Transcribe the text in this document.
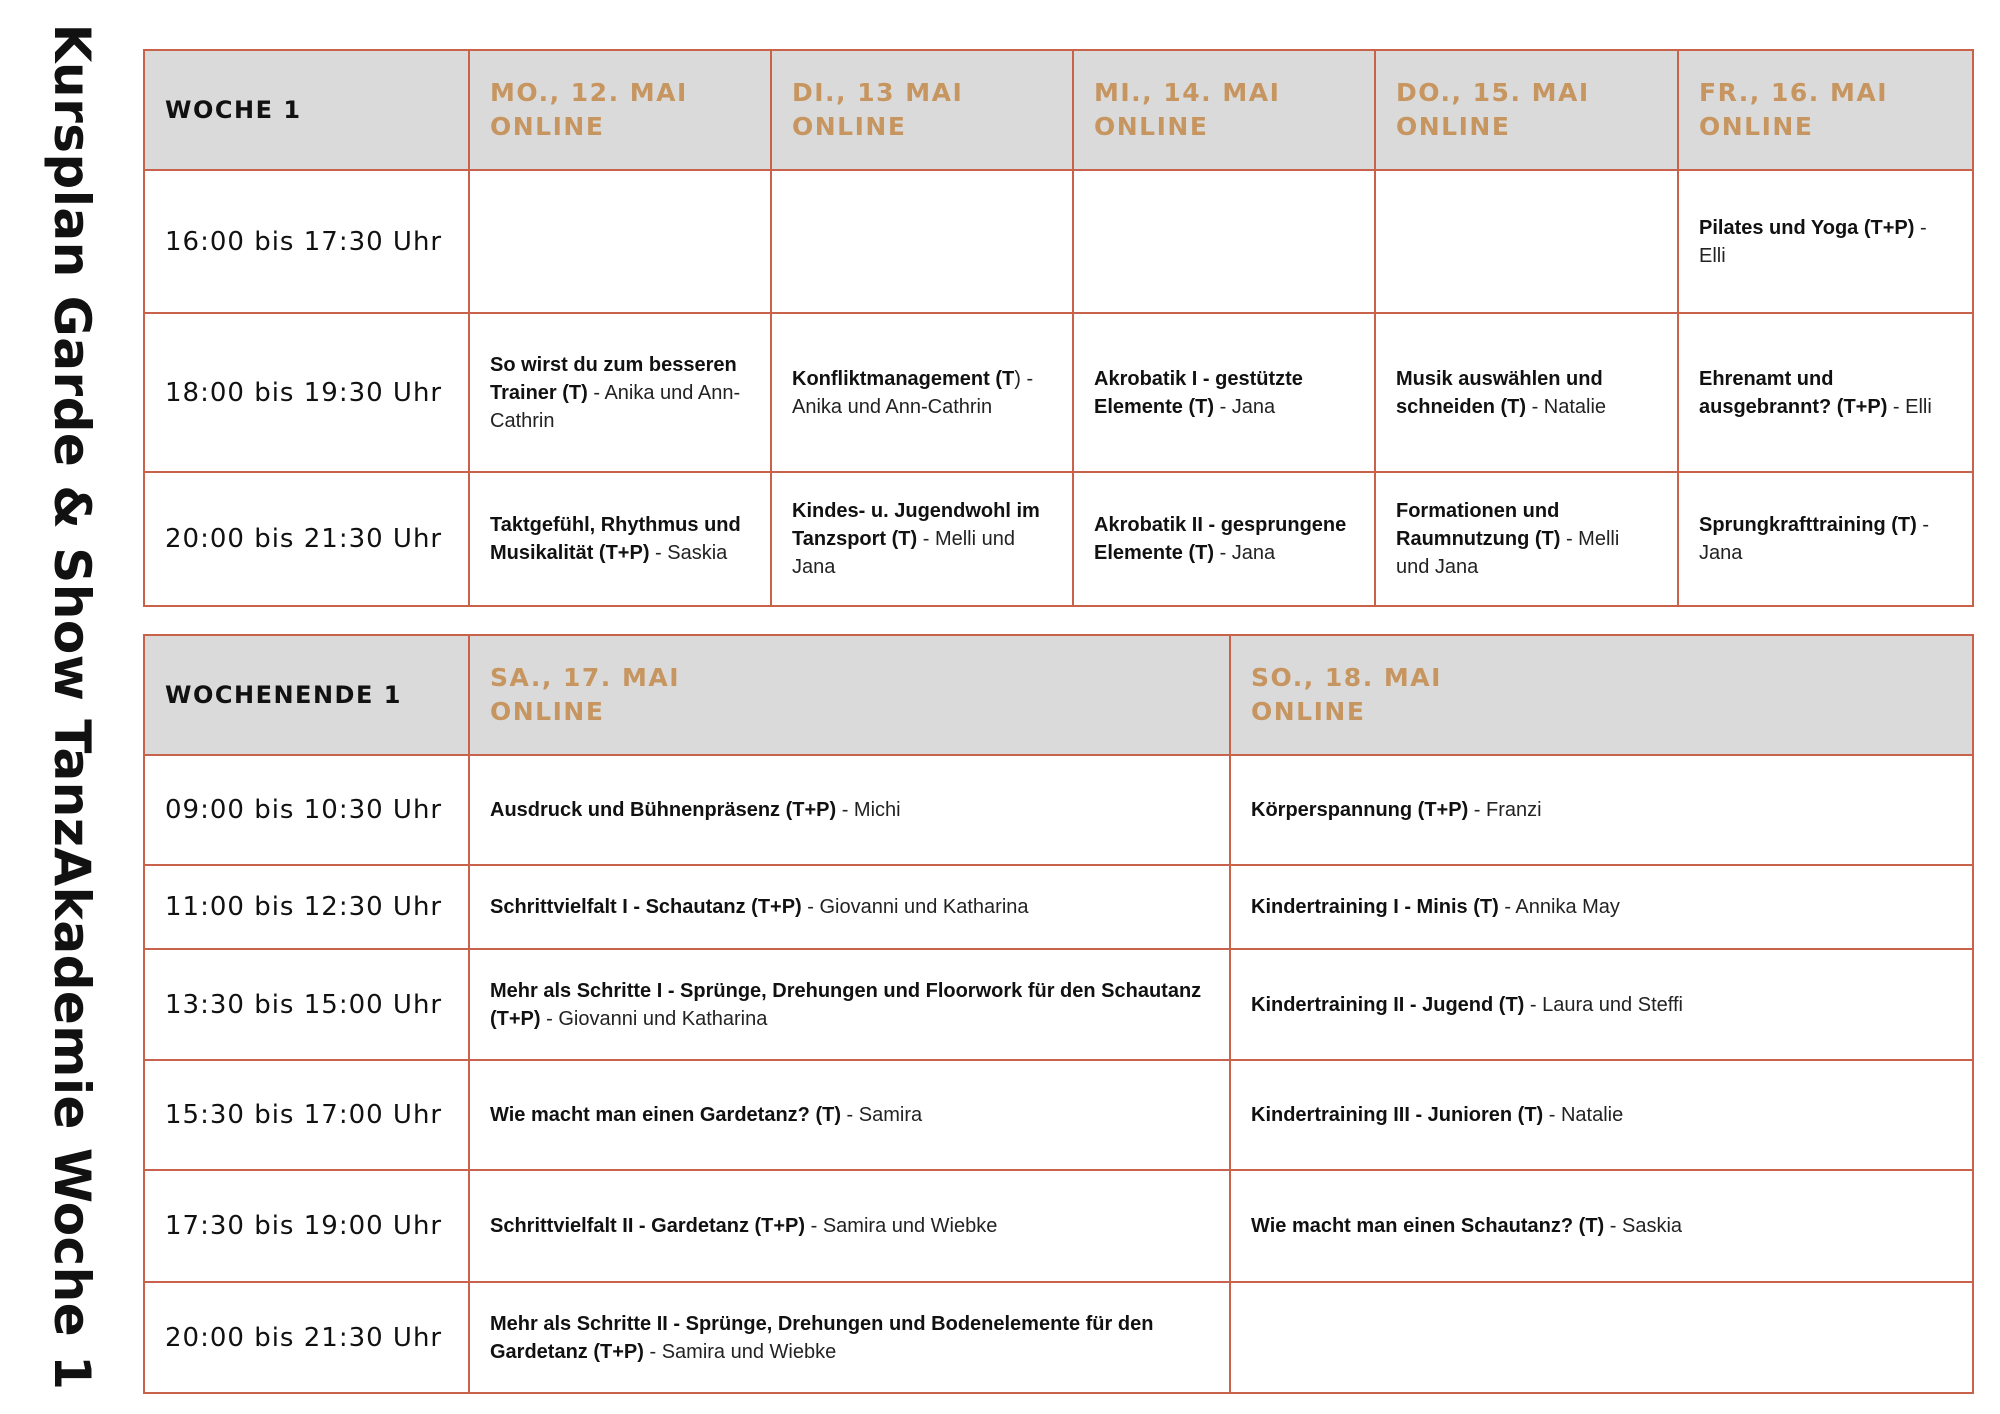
Kursplan Garde & Show TanzAkademie Woche 1	WOCHE 1	MO., 12. MAI
ONLINE	DI., 13 MAI
ONLINE	MI., 14. MAI
ONLINE	DO., 15. MAI
ONLINE	FR., 16. MAI
ONLINE

16:00 bis 17:30 Uhr					Pilates und Yoga (T+P) - Elli
18:00 bis 19:30 Uhr	So wirst du zum besseren Trainer (T) - Anika und Ann-Cathrin	Konfliktmanagement (T) - Anika und Ann-Cathrin	Akrobatik I - gestützte Elemente (T) - Jana	Musik auswählen und schneiden (T) - Natalie	Ehrenamt und ausgebrannt? (T+P) - Elli
20:00 bis 21:30 Uhr	Taktgefühl, Rhythmus und Musikalität (T+P) - Saskia	Kindes- u. Jugendwohl im Tanzsport (T) - Melli und Jana	Akrobatik II - gesprungene Elemente (T) - Jana	Formationen und Raumnutzung (T) - Melli und Jana	Sprungkrafttraining (T) - Jana
WOCHENENDE 1	SA., 17. MAI
ONLINE	SO., 18. MAI
ONLINE

09:00 bis 10:30 Uhr	Ausdruck und Bühnenpräsenz (T+P) - Michi	Körperspannung (T+P) - Franzi
11:00 bis 12:30 Uhr	Schrittvielfalt I - Schautanz (T+P) - Giovanni und Katharina	Kindertraining I - Minis (T) - Annika May
13:30 bis 15:00 Uhr	Mehr als Schritte I - Sprünge, Drehungen und Floorwork für den Schautanz (T+P) - Giovanni und Katharina	Kindertraining II - Jugend (T) - Laura und Steffi
15:30 bis 17:00 Uhr	Wie macht man einen Gardetanz? (T) - Samira	Kindertraining III - Junioren (T) - Natalie
17:30 bis 19:00 Uhr	Schrittvielfalt II - Gardetanz (T+P) - Samira und Wiebke	Wie macht man einen Schautanz? (T) - Saskia
20:00 bis 21:30 Uhr	Mehr als Schritte II - Sprünge, Drehungen und Bodenelemente für den Gardetanz (T+P) - Samira und Wiebke	
